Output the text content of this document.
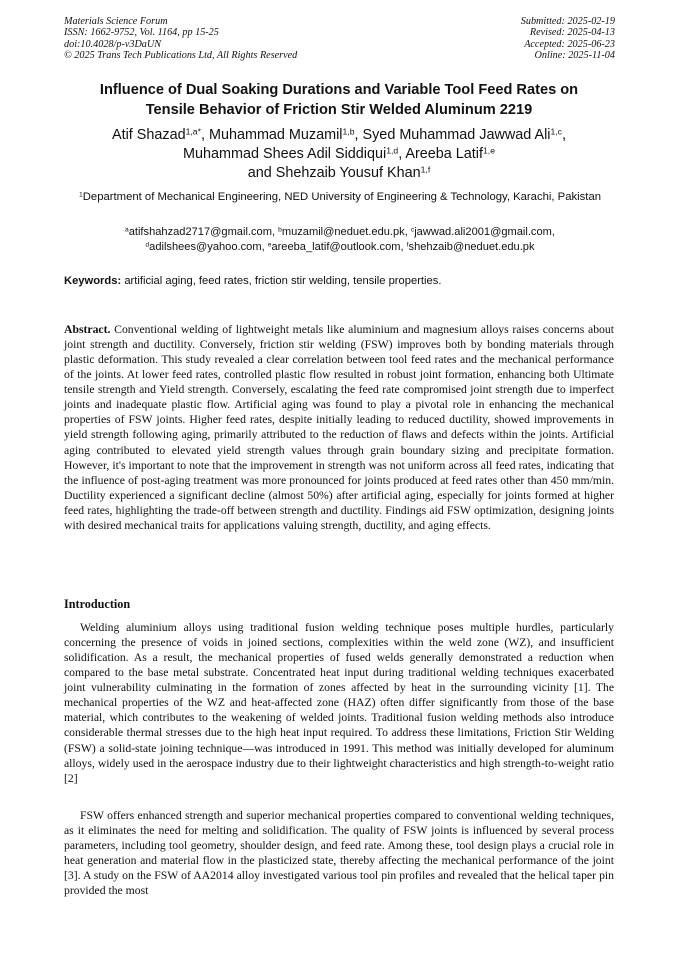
Materials Science Forum
ISSN: 1662-9752, Vol. 1164, pp 15-25
doi:10.4028/p-v3DaUN
© 2025 Trans Tech Publications Ltd, All Rights Reserved
Submitted: 2025-02-19
Revised: 2025-04-13
Accepted: 2025-06-23
Online: 2025-11-04
Influence of Dual Soaking Durations and Variable Tool Feed Rates on
Tensile Behavior of Friction Stir Welded Aluminum 2219
Atif Shazad$^{1,a*}$, Muhammad Muzamil$^{1,b}$, Syed Muhammad Jawwad Ali$^{1,c}$,
Muhammad Shees Adil Siddiqui$^{1,d}$, Areeba Latif$^{1,e}$
and Shehzaib Yousuf Khan$^{1,f}$
$^1$Department of Mechanical Engineering, NED University of Engineering & Technology, Karachi, Pakistan
$^a$atifshahzad2717@gmail.com, $^b$muzamil@neduet.edu.pk, $^c$jawwad.ali2001@gmail.com,
$^d$adilshees@yahoo.com, $^e$areeba_latif@outlook.com, $^f$shehzaib@neduet.edu.pk
Keywords: artificial aging, feed rates, friction stir welding, tensile properties.
Abstract. Conventional welding of lightweight metals like aluminium and magnesium alloys raises concerns about joint strength and ductility. Conversely, friction stir welding (FSW) improves both by bonding materials through plastic deformation. This study revealed a clear correlation between tool feed rates and the mechanical performance of the joints. At lower feed rates, controlled plastic flow resulted in robust joint formation, enhancing both Ultimate tensile strength and Yield strength. Conversely, escalating the feed rate compromised joint strength due to imperfect joints and inadequate plastic flow. Artificial aging was found to play a pivotal role in enhancing the mechanical properties of FSW joints. Higher feed rates, despite initially leading to reduced ductility, showed improvements in yield strength following aging, primarily attributed to the reduction of flaws and defects within the joints. Artificial aging contributed to elevated yield strength values through grain boundary sizing and precipitate formation. However, it's important to note that the improvement in strength was not uniform across all feed rates, indicating that the influence of post-aging treatment was more pronounced for joints produced at feed rates other than 450 mm/min. Ductility experienced a significant decline (almost 50%) after artificial aging, especially for joints formed at higher feed rates, highlighting the trade-off between strength and ductility. Findings aid FSW optimization, designing joints with desired mechanical traits for applications valuing strength, ductility, and aging effects.
Introduction

Welding aluminium alloys using traditional fusion welding technique poses multiple hurdles, particularly concerning the presence of voids in joined sections, complexities within the weld zone (WZ), and insufficient solidification. As a result, the mechanical properties of fused welds generally demonstrated a reduction when compared to the base metal substrate. Concentrated heat input during traditional welding techniques exacerbated joint vulnerability culminating in the formation of zones affected by heat in the surrounding vicinity [1]. The mechanical properties of the WZ and heat-affected zone (HAZ) often differ significantly from those of the base material, which contributes to the weakening of welded joints. Traditional fusion welding methods also introduce considerable thermal stresses due to the high heat input required. To address these limitations, Friction Stir Welding (FSW) a solid-state joining technique—was introduced in 1991. This method was initially developed for aluminum alloys, widely used in the aerospace industry due to their lightweight characteristics and high strength-to-weight ratio [2]

FSW offers enhanced strength and superior mechanical properties compared to conventional welding techniques, as it eliminates the need for melting and solidification. The quality of FSW joints is influenced by several process parameters, including tool geometry, shoulder design, and feed rate. Among these, tool design plays a crucial role in heat generation and material flow in the plasticized state, thereby affecting the mechanical performance of the joint [3]. A study on the FSW of AA2014 alloy investigated various tool pin profiles and revealed that the helical taper pin provided the most
